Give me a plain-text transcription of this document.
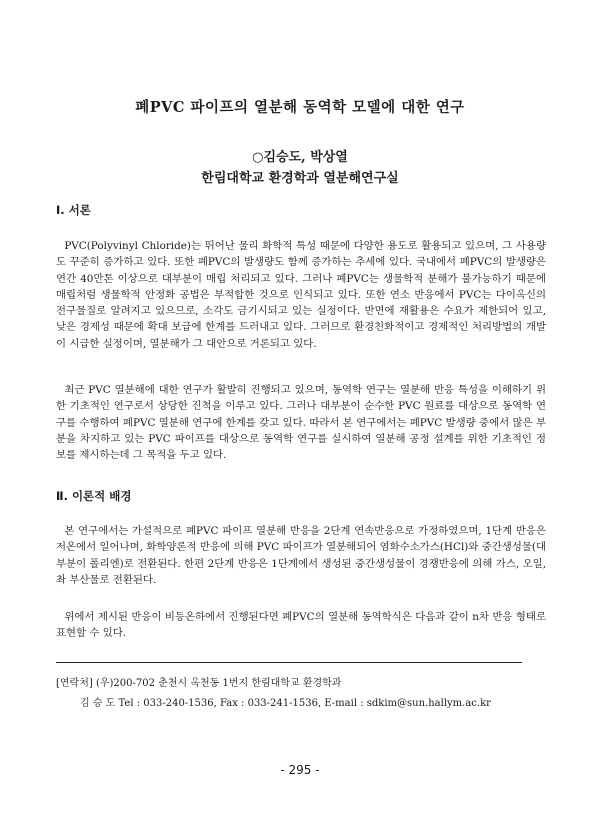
폐PVC 파이프의 열분해 동역학 모델에 대한 연구
○김승도, 박상열
한림대학교 환경학과 열분해연구실
Ⅰ. 서론

PVC(Polyvinyl Chloride)는 뛰어난 물리 화학적 특성 때문에 다양한 용도로 활용되고 있으며, 그 사용량도 꾸준히 증가하고 있다. 또한 폐PVC의 발생량도 함께 증가하는 추세에 있다. 국내에서 폐PVC의 발생량은 연간 40만톤 이상으로 대부분이 매립 처리되고 있다. 그러나 폐PVC는 생물학적 분해가 불가능하기 때문에 매립처럼 생물학적 안정화 공법은 부적합한 것으로 인식되고 있다. 또한 연소 반응에서 PVC는 다이옥신의 전구물질로 알려지고 있으므로, 소각도 금기시되고 있는 실정이다. 반면에 재활용은 수요가 제한되어 있고, 낮은 경제성 때문에 확대 보급에 한계를 드러내고 있다. 그러므로 환경친화적이고 경제적인 처리방법의 개발이 시급한 실정이며, 열분해가 그 대안으로 거론되고 있다.

최근 PVC 열분해에 대한 연구가 활발히 진행되고 있으며, 동역학 연구는 열분해 반응 특성을 이해하기 위한 기초적인 연구로서 상당한 진척을 이루고 있다. 그러나 대부분이 순수한 PVC 원료를 대상으로 동역학 연구를 수행하여 폐PVC 열분해 연구에 한계를 갖고 있다. 따라서 본 연구에서는 폐PVC 발생량 중에서 많은 부분을 차지하고 있는 PVC 파이프를 대상으로 동역학 연구를 실시하여 열분해 공정 설계를 위한 기초적인 정보를 제시하는데 그 목적을 두고 있다.

Ⅱ. 이론적 배경

본 연구에서는 가설적으로 폐PVC 파이프 열분해 반응을 2단계 연속반응으로 가정하였으며, 1단계 반응은 저온에서 일어나며, 화학양론적 반응에 의해 PVC 파이프가 열분해되어 염화수소가스(HCl)와 중간생성물(대부분이 폴리엔)로 전환된다. 한편 2단계 반응은 1단계에서 생성된 중간생성물이 경쟁반응에 의해 가스, 오일, 촤 부산물로 전환된다.

위에서 제시된 반응이 비등온하에서 진행된다면 폐PVC의 열분해 동역학식은 다음과 같이 n차 반응 형태로 표현할 수 있다.

[연락처] (우)200-702 춘천시 옥천동 1번지 한림대학교 환경학과
김 승 도 Tel : 033-240-1536, Fax : 033-241-1536, E-mail : sdkim@sun.hallym.ac.kr
- 295 -
